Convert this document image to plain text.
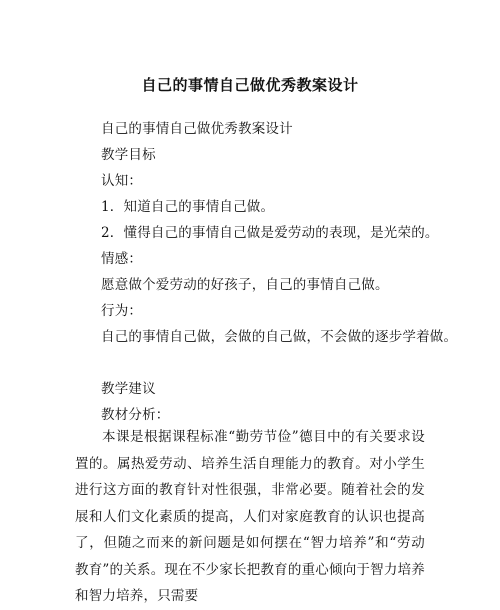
自己的事情自己做优秀教案设计
自己的事情自己做优秀教案设计
教学目标
认知：
1．知道自己的事情自己做。
2．懂得自己的事情自己做是爱劳动的表现，是光荣的。
情感：
愿意做个爱劳动的好孩子，自己的事情自己做。
行为：
自己的事情自己做，会做的自己做，不会做的逐步学着做。
教学建议
教材分析：
本课是根据课程标准“勤劳节俭”德目中的有关要求设置的。属热爱劳动、培养生活自理能力的教育。对小学生进行这方面的教育针对性很强，非常必要。随着社会的发展和人们文化素质的提高，人们对家庭教育的认识也提高了，但随之而来的新问题是如何摆在“智力培养”和“劳动教育”的关系。现在不少家长把教育的重心倾向于智力培养和智力培养，只需要
